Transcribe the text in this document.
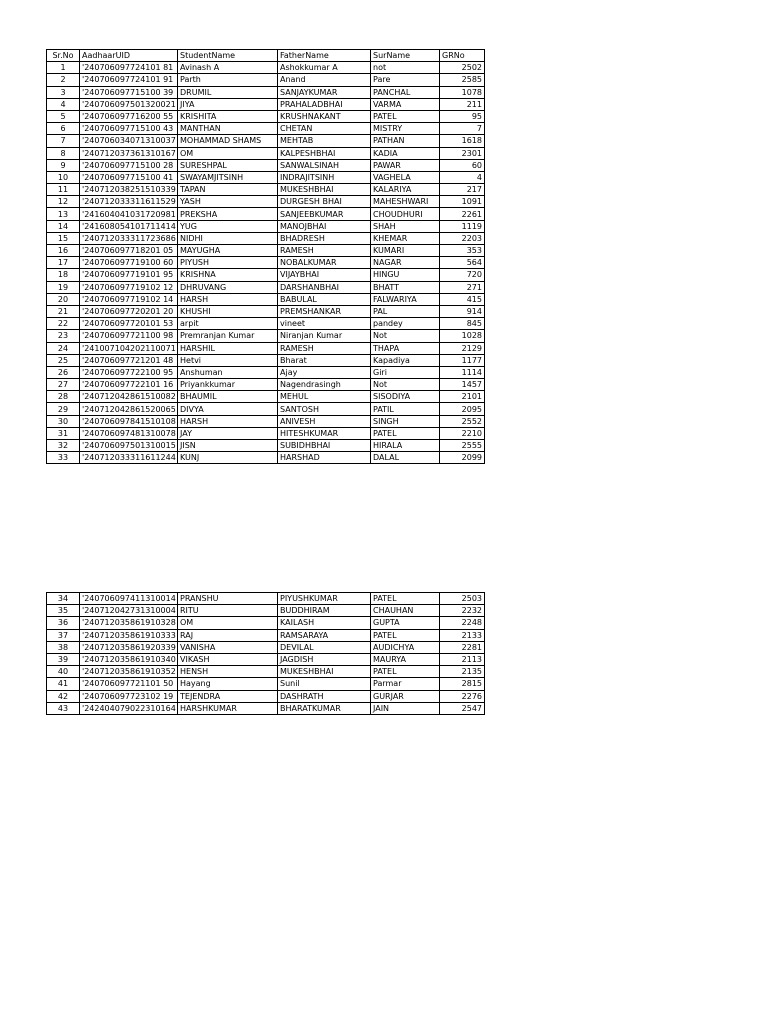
Sr.No	AadhaarUID	StudentName	FatherName	SurName	GRNo
1	'240706097724101 81	Avinash A	Ashokkumar A	not	2502
2	'240706097724101 91	Parth	Anand	Pare	2585
3	'240706097715100 39	DRUMIL	SANJAYKUMAR	PANCHAL	1078
4	'240706097501320021	JIYA	PRAHALADBHAI	VARMA	211
5	'240706097716200 55	KRISHITA	KRUSHNAKANT	PATEL	95
6	'240706097715100 43	MANTHAN	CHETAN	MISTRY	7
7	'240706034071310037	MOHAMMAD SHAMS	MEHTAB	PATHAN	1618
8	'240712037361310167	OM	KALPESHBHAI	KADIA	2301
9	'240706097715100 28	SURESHPAL	SANWALSINAH	PAWAR	60
10	'240706097715100 41	SWAYAMJITSINH	INDRAJITSINH	VAGHELA	4
11	'240712038251510339	TAPAN	MUKESHBHAI	KALARIYA	217
12	'240712033311611529	YASH	DURGESH BHAI	MAHESHWARI	1091
13	'241604041031720981	PREKSHA	SANJEEBKUMAR	CHOUDHURI	2261
14	'241608054101711414	YUG	MANOJBHAI	SHAH	1119
15	'240712033311723686	NIDHI	BHADRESH	KHEMAR	2203
16	'240706097718201 05	MAYUGHA	RAMESH	KUMARI	353
17	'240706097719100 60	PIYUSH	NOBALKUMAR	NAGAR	564
18	'240706097719101 95	KRISHNA	VIJAYBHAI	HINGU	720
19	'240706097719102 12	DHRUVANG	DARSHANBHAI	BHATT	271
20	'240706097719102 14	HARSH	BABULAL	FALWARIYA	415
21	'240706097720201 20	KHUSHI	PREMSHANKAR	PAL	914
22	'240706097720101 53	arpit	vineet	pandey	845
23	'240706097721100 98	Premranjan Kumar	Niranjan Kumar	Not	1028
24	'241007104202110071	HARSHIL	RAMESH	THAPA	2129
25	'240706097721201 48	Hetvi	Bharat	Kapadiya	1177
26	'240706097722100 95	Anshuman	Ajay	Giri	1114
27	'240706097722101 16	Priyankkumar	Nagendrasingh	Not	1457
28	'240712042861510082	BHAUMIL	MEHUL	SISODIYA	2101
29	'240712042861520065	DIVYA	SANTOSH	PATIL	2095
30	'240706097841510108	HARSH	ANIVESH	SINGH	2552
31	'240706097481310078	JAY	HITESHKUMAR	PATEL	2210
32	'240706097501310015	JISN	SUBIDHBHAI	HIRALA	2555
33	'240712033311611244	KUNJ	HARSHAD	DALAL	2099
34	'240706097411310014	PRANSHU	PIYUSHKUMAR	PATEL	2503
35	'240712042731310004	RITU	BUDDHIRAM	CHAUHAN	2232
36	'240712035861910328	OM	KAILASH	GUPTA	2248
37	'240712035861910333	RAJ	RAMSARAYA	PATEL	2133
38	'240712035861920339	VANISHA	DEVILAL	AUDICHYA	2281
39	'240712035861910340	VIKASH	JAGDISH	MAURYA	2113
40	'240712035861910352	HENSH	MUKESHBHAI	PATEL	2135
41	'240706097721101 50	Hayang	Sunil	Parmar	2815
42	'240706097723102 19	TEJENDRA	DASHRATH	GURJAR	2276
43	'242404079022310164	HARSHKUMAR	BHARATKUMAR	JAIN	2547
